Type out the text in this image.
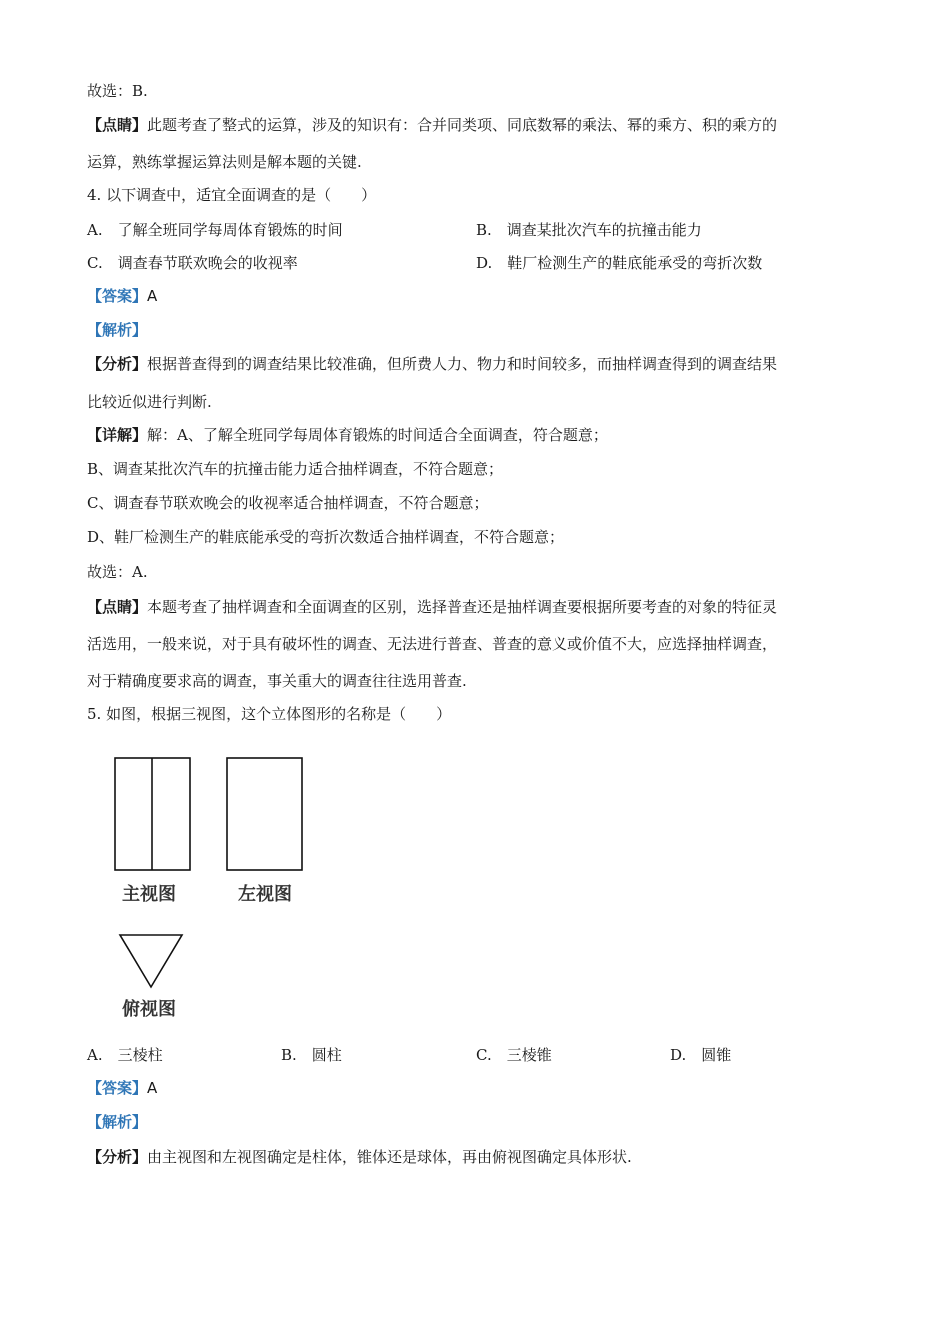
故选：B.
【点睛】此题考查了整式的运算，涉及的知识有：合并同类项、同底数幂的乘法、幂的乘方、积的乘方的
运算，熟练掌握运算法则是解本题的关键.
4. 以下调查中，适宜全面调查的是（　　）
A.　了解全班同学每周体育锻炼的时间	B.　调查某批次汽车的抗撞击能力
C.　调查春节联欢晚会的收视率	D.　鞋厂检测生产的鞋底能承受的弯折次数
【答案】A
【解析】
【分析】根据普查得到的调查结果比较准确，但所费人力、物力和时间较多，而抽样调查得到的调查结果
比较近似进行判断.
【详解】解：A、了解全班同学每周体育锻炼的时间适合全面调查，符合题意；
B、调查某批次汽车的抗撞击能力适合抽样调查，不符合题意；
C、调查春节联欢晚会的收视率适合抽样调查，不符合题意；
D、鞋厂检测生产的鞋底能承受的弯折次数适合抽样调查，不符合题意；
故选：A.
【点睛】本题考查了抽样调查和全面调查的区别，选择普查还是抽样调查要根据所要考查的对象的特征灵
活选用，一般来说，对于具有破坏性的调查、无法进行普查、普查的意义或价值不大，应选择抽样调查，
对于精确度要求高的调查，事关重大的调查往往选用普查.
5. 如图，根据三视图，这个立体图形的名称是（　　）
主视图	左视图
俯视图
A.　三棱柱	B.　圆柱	C.　三棱锥	D.　圆锥
【答案】A
【解析】
【分析】由主视图和左视图确定是柱体，锥体还是球体，再由俯视图确定具体形状.
